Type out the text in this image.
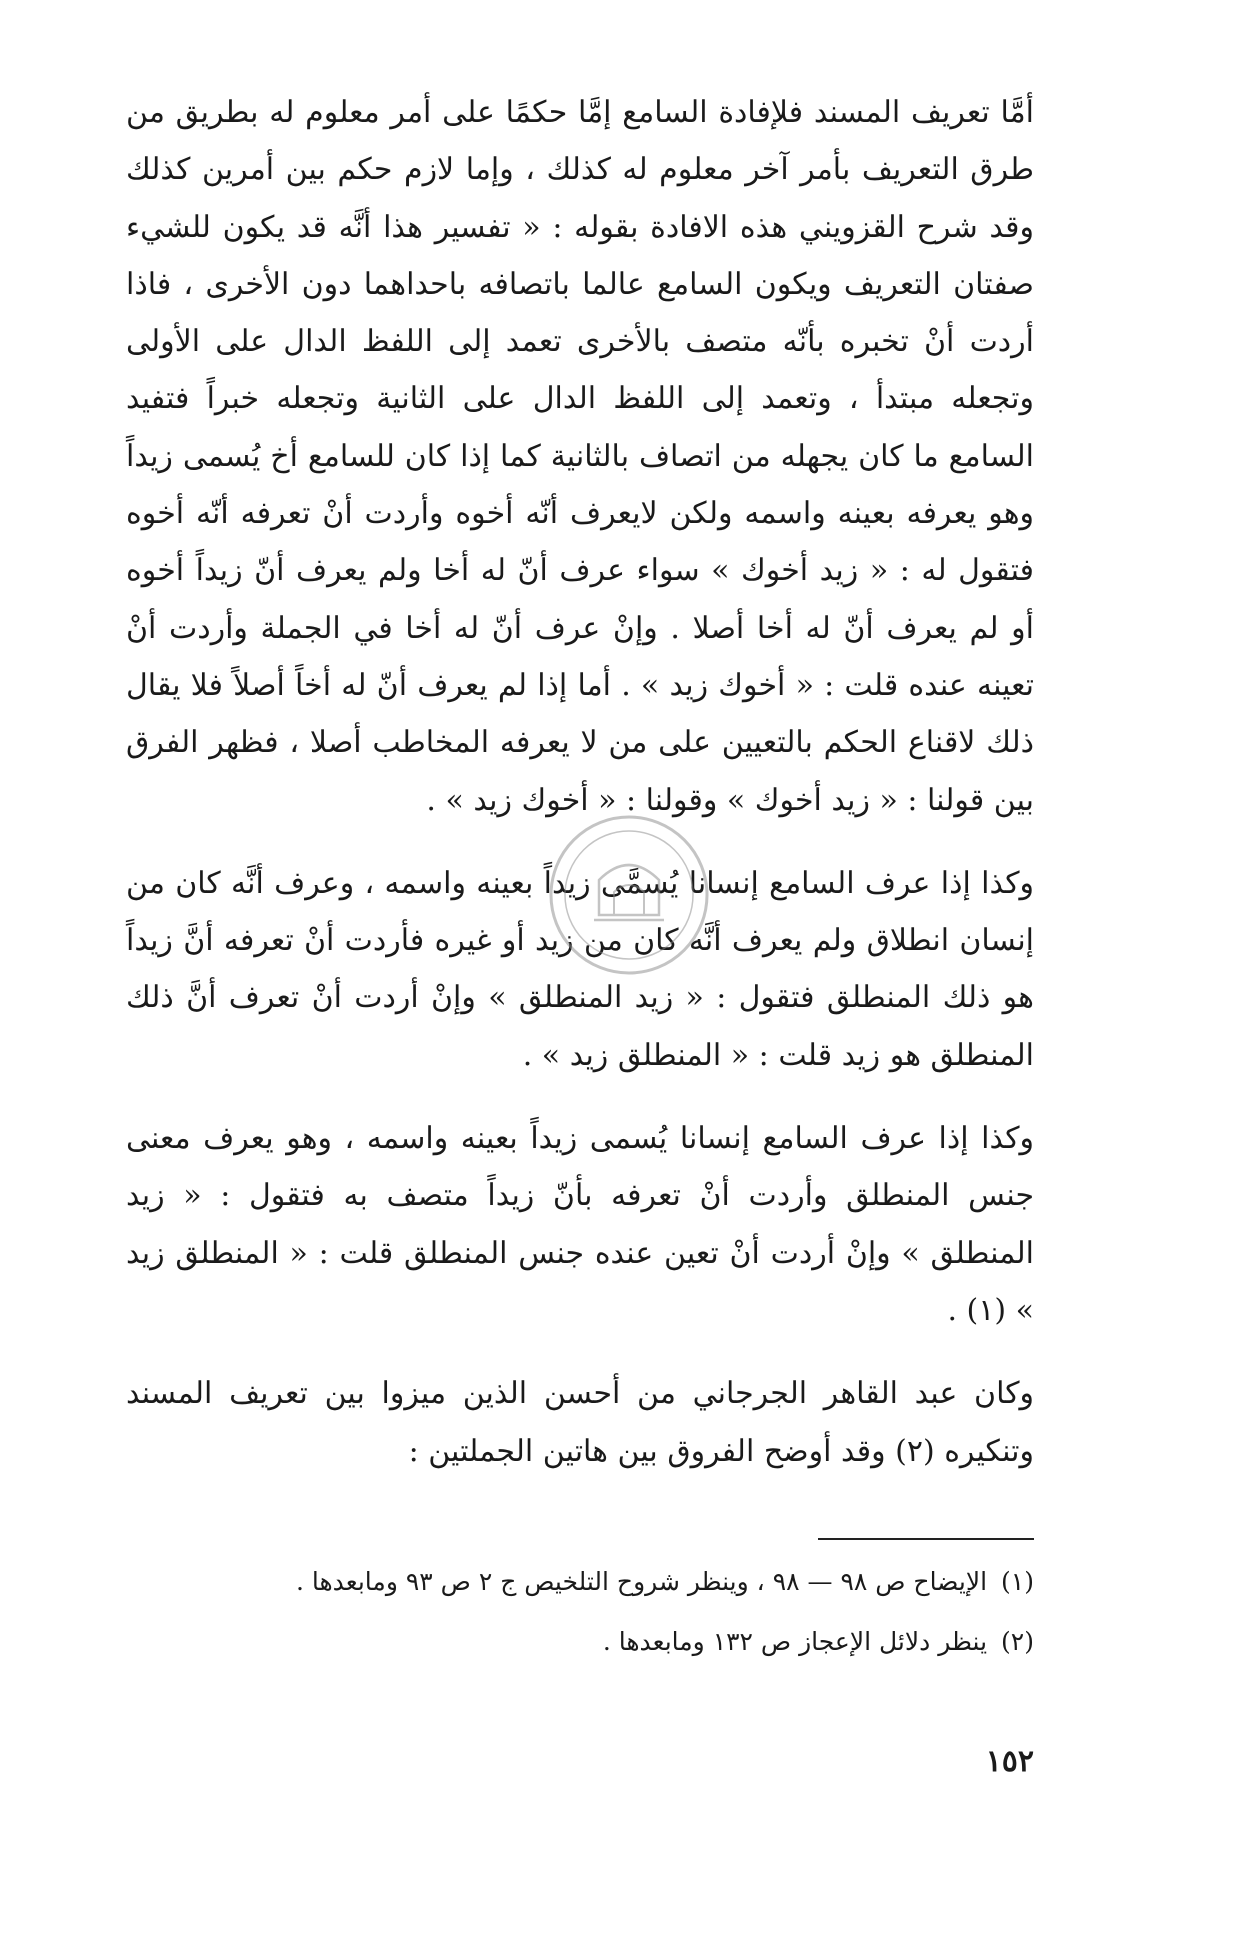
أمَّا تعريف المسند فلإفادة السامع إمَّا حكمًا على أمر معلوم له بطريق من طرق التعريف بأمر آخر معلوم له كذلك ، وإما لازم حكم بين أمرين كذلك وقد شرح القزويني هذه الافادة بقوله : « تفسير هذا أنَّه قد يكون للشيء صفتان التعريف ويكون السامع عالما باتصافه باحداهما دون الأخرى ، فاذا أردت أنْ تخبره بأنّه متصف بالأخرى تعمد إلى اللفظ الدال على الأولى وتجعله مبتدأ ، وتعمد إلى اللفظ الدال على الثانية وتجعله خبراً فتفيد السامع ما كان يجهله من اتصاف بالثانية كما إذا كان للسامع أخ يُسمى زيداً وهو يعرفه بعينه واسمه ولكن لايعرف أنّه أخوه وأردت أنْ تعرفه أنّه أخوه فتقول له : « زيد أخوك » سواء عرف أنّ له أخا ولم يعرف أنّ زيداً أخوه أو لم يعرف أنّ له أخا أصلا . وإنْ عرف أنّ له أخا في الجملة وأردت أنْ تعينه عنده قلت : « أخوك زيد » . أما إذا لم يعرف أنّ له أخاً أصلاً فلا يقال ذلك لاقناع الحكم بالتعيين على من لا يعرفه المخاطب أصلا ، فظهر الفرق بين قولنا : « زيد أخوك » وقولنا : « أخوك زيد » .

وكذا إذا عرف السامع إنسانا يُسمَّى زيداً بعينه واسمه ، وعرف أنَّه كان من إنسان انطلاق ولم يعرف أنَّه كان من زيد أو غيره فأردت أنْ تعرفه أنَّ زيداً هو ذلك المنطلق فتقول : « زيد المنطلق » وإنْ أردت أنْ تعرف أنَّ ذلك المنطلق هو زيد قلت : « المنطلق زيد » .

وكذا إذا عرف السامع إنسانا يُسمى زيداً بعينه واسمه ، وهو يعرف معنى جنس المنطلق وأردت أنْ تعرفه بأنّ زيداً متصف به فتقول : « زيد المنطلق » وإنْ أردت أنْ تعين عنده جنس المنطلق قلت : « المنطلق زيد » (١) .

وكان عبد القاهر الجرجاني من أحسن الذين ميزوا بين تعريف المسند وتنكيره (٢) وقد أوضح الفروق بين هاتين الجملتين :

(١)الإيضاح ص ٩٨ — ٩٨ ، وينظر شروح التلخيص ج ٢ ص ٩٣ ومابعدها .

(٢)ينظر دلائل الإعجاز ص ١٣٢ ومابعدها .

١٥٢
